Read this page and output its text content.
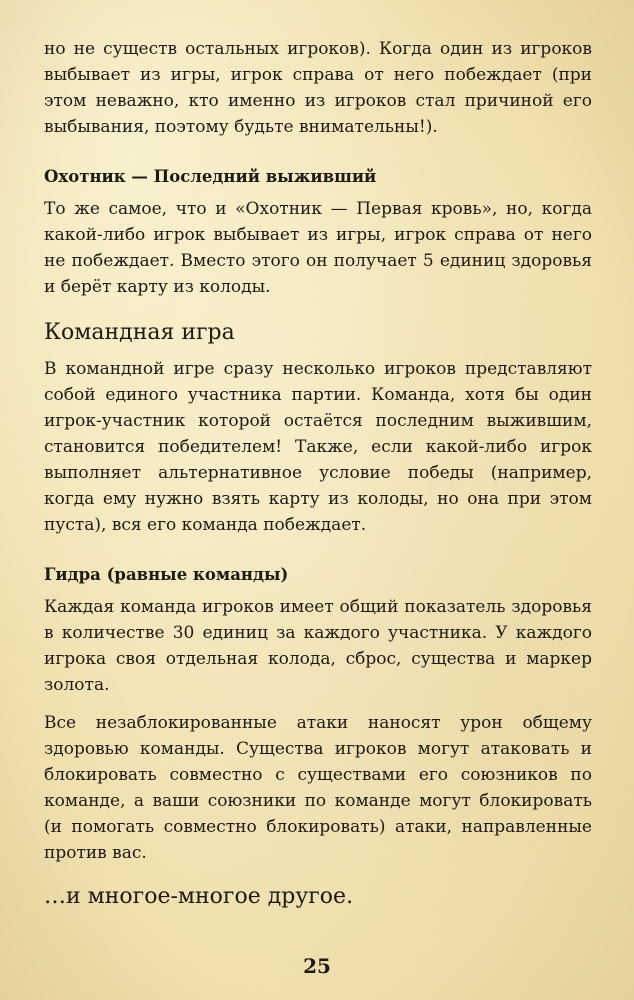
но не существ остальных игроков). Когда один из игроков выбывает из игры, игрок справа от него побеждает (при этом неважно, кто именно из игроков стал причиной его выбывания, поэтому будьте внимательны!).

Охотник — Последний выживший

То же самое, что и «Охотник — Первая кровь», но, когда какой-либо игрок выбывает из игры, игрок справа от него не побеждает. Вместо этого он получает 5 единиц здоровья и берёт карту из колоды.

Командная игра

В командной игре сразу несколько игроков представляют собой единого участника партии. Команда, хотя бы один игрок-участник которой остаётся последним выжившим, становится победителем! Также, если какой-либо игрок выполняет альтернативное условие победы (например, когда ему нужно взять карту из колоды, но она при этом пуста), вся его команда побеждает.

Гидра (равные команды)

Каждая команда игроков имеет общий показатель здоровья в количестве 30 единиц за каждого участника. У каждого игрока своя отдельная колода, сброс, существа и маркер золота.

Все незаблокированные атаки наносят урон общему здоровью команды. Существа игроков могут атаковать и блокировать совместно с существами его союзников по команде, а ваши союзники по команде могут блокировать (и помогать совместно блокировать) атаки, направленные против вас.

…и многое-многое другое.
25
